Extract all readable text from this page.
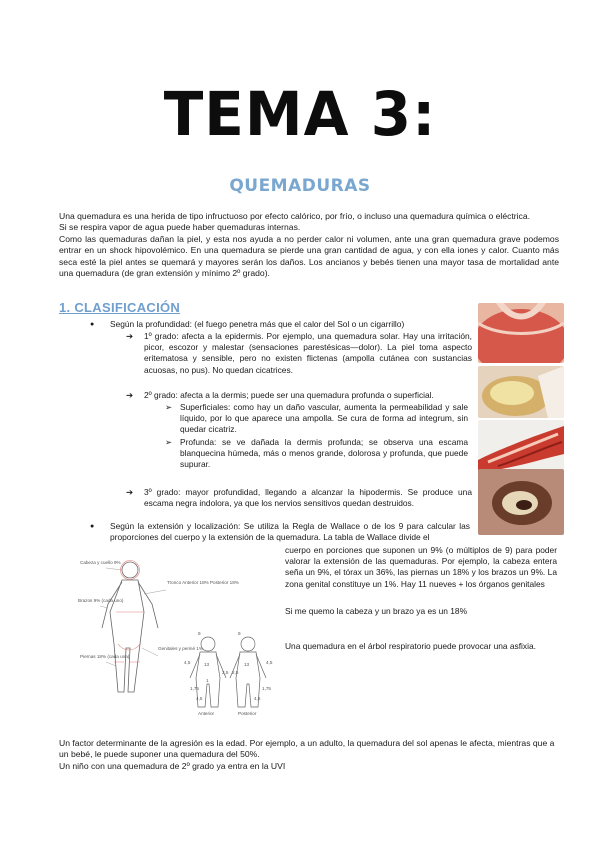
TEMA 3:
QUEMADURAS

Una quemadura es una herida de tipo infructuoso por efecto calórico, por frío, o incluso una quemadura química o eléctrica.

Si se respira vapor de agua puede haber quemaduras internas.

Como las quemaduras dañan la piel, y esta nos ayuda a no perder calor ni volumen, ante una gran quemadura grave podemos entrar en un shock hipovolémico. En una quemadura se pierde una gran cantidad de agua, y con ella iones y calor. Cuanto más seca esté la piel antes se quemará y mayores serán los daños. Los ancianos y bebés tienen una mayor tasa de mortalidad ante una quemadura (de gran extensión y mínimo 2º grado).

1. CLASIFICACIÓN
● Según la profundidad: (el fuego penetra más que el calor del Sol o un cigarrillo)
➔ 1º grado: afecta a la epidermis. Por ejemplo, una quemadura solar. Hay una irritación, picor, escozor y malestar (sensaciones parestésicas—dolor). La piel toma aspecto eritematosa y sensible, pero no existen flictenas (ampolla cutánea con sustancias acuosas, no pus). No quedan cicatrices.
➔ 2º grado: afecta a la dermis; puede ser una quemadura profunda o superficial.
➢ Superficiales: como hay un daño vascular, aumenta la permeabilidad y sale líquido, por lo que aparece una ampolla. Se cura de forma ad integrum, sin quedar cicatriz.
➢ Profunda: se ve dañada la dermis profunda; se observa una escama blanquecina húmeda, más o menos grande, dolorosa y profunda, que puede supurar.
➔ 3º grado: mayor profundidad, llegando a alcanzar la hipodermis. Se produce una escama negra indolora, ya que los nervios sensitivos quedan destruidos.
● Según la extensión y localización: Se utiliza la Regla de Wallace o de los 9 para calcular las proporciones del cuerpo y la extensión de la quemadura. La tabla de Wallace divide el
cuerpo en porciones que suponen un 9% (o múltiplos de 9) para poder valorar la extensión de las quemaduras. Por ejemplo, la cabeza entera seña un 9%, el tórax un 36%, las piernas un 18% y los brazos un 9%. La zona genital constituye un 1%. Hay 11 nueves + los órganos genitales
Si me quemo la cabeza y un brazo ya es un 18%
Una quemadura en el árbol respiratorio puede provocar una asfixia.
Cabeza y cuello 9%
Tronco Anterior 18% Posterior 18%
Brazos 9% (cada uno)
Genitales y periné 1%
Piernas 18% (cada una)
9	9
4,5	4,5
13	13
2,5
2,5
1
1,75	1,75
4,5	4,5
Anterior	Posterior

Un factor determinante de la agresión es la edad. Por ejemplo, a un adulto, la quemadura del sol apenas le afecta, mientras que a un bebé, le puede suponer una quemadura del 50%.

Un niño con una quemadura de 2º grado ya entra en la UVI
